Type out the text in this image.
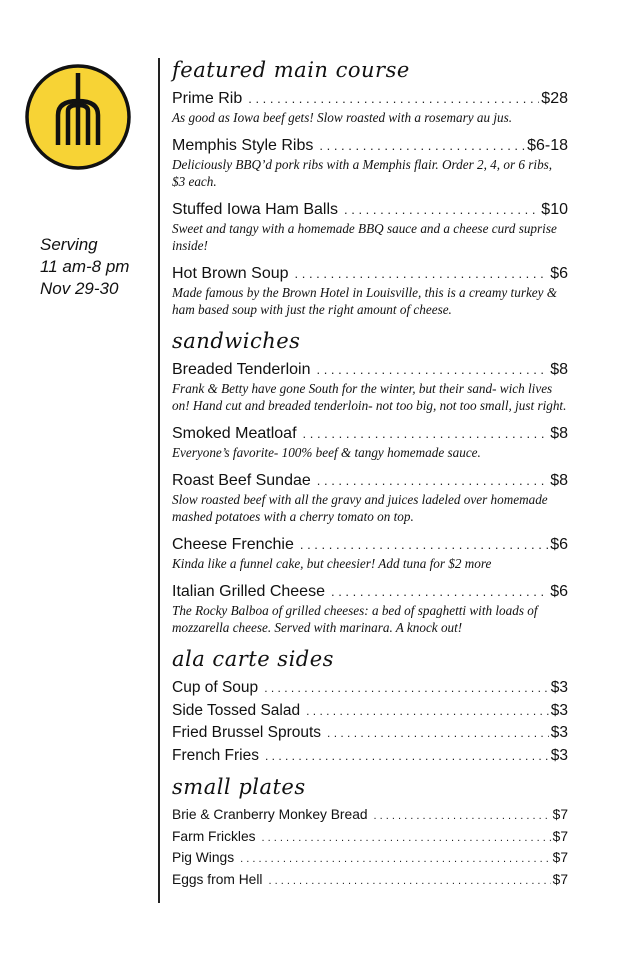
Serving
11 am-8 pm
Nov 29-30
featured main course
Prime Rib . . .	$28
As good as Iowa beef gets! Slow roasted with a rosemary au jus.
Memphis Style Ribs . . .	$6-18
Deliciously BBQ’d pork ribs with a Memphis flair. Order 2, 4, or 6 ribs, $3 each.
Stuffed Iowa Ham Balls . . .	$10
Sweet and tangy with a homemade BBQ sauce and a cheese curd suprise inside!
Hot Brown Soup . . .	$6
Made famous by the Brown Hotel in Louisville, this is a creamy turkey & ham based soup with just the right amount of cheese.
sandwiches
Breaded Tenderloin . . .	$8
Frank & Betty have gone South for the winter, but their sand- wich lives on! Hand cut and breaded tenderloin- not too big, not too small, just right.
Smoked Meatloaf . . .	$8
Everyone’s favorite- 100% beef & tangy homemade sauce.
Roast Beef Sundae . . .	$8
Slow roasted beef with all the gravy and juices ladeled over homemade mashed potatoes with a cherry tomato on top.
Cheese Frenchie . . .	$6
Kinda like a funnel cake, but cheesier! Add tuna for $2 more
Italian Grilled Cheese . . .	$6
The Rocky Balboa of grilled cheeses: a bed of spaghetti with loads of mozzarella cheese. Served with marinara. A knock out!
ala carte sides
Cup of Soup . . .	$3
Side Tossed Salad . . .	$3
Fried Brussel Sprouts . . .	$3
French Fries . . .	$3
small plates
Brie & Cranberry Monkey Bread . . .	$7
Farm Frickles . . .	$7
Pig Wings . . .	$7
Eggs from Hell . . .	$7
